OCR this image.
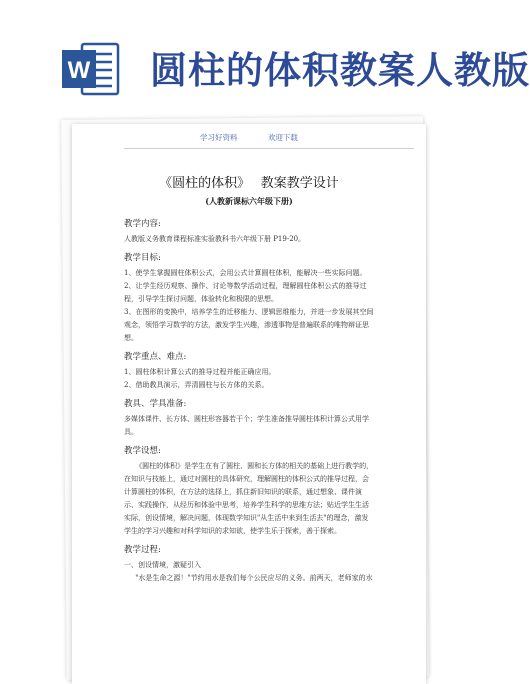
W 圆柱的体积教案人教版
学习好资料	欢迎下载
《圆柱的体积》　 教案教学设计
(人教新课标六年级下册)
教学内容:

人教版义务教育课程标准实验教科书六年级下册 P19-20。

教学目标:

1、使学生掌握圆柱体积公式，会用公式计算圆柱体积，能解决一些实际问题。

2、让学生经历观察、操作、讨论等数学活动过程，理解圆柱体积公式的推导过程，引导学生探讨问题，体验转化和极限的思想。

3、在图形的变换中，培养学生的迁移能力、逻辑思维能力，并进一步发展其空间观念，领悟学习数学的方法，激发学生兴趣，渗透事物是普遍联系的唯物辩证思想。

教学重点、难点:

1、圆柱体积计算公式的推导过程并能正确应用。

2、借助教具演示，弄清圆柱与长方体的关系。

教具、学具准备:

多媒体课件、长方体、圆柱形容器若干个；学生准备推导圆柱体积计算公式用学具。

教学设想:

《圆柱的体积》是学生在有了圆柱、圆和长方体的相关的基础上进行教学的，在知识与技能上，通过对圆柱的具体研究，理解圆柱的体积公式的推导过程，会计算圆柱的体积，在方法的选择上，抓住新旧知识的联系，通过想象、课件演示、实践操作，从经历和体验中思考，培养学生科学的思维方法；贴近学生生活实际，创设情境，解决问题，体现数学知识"从生活中来到生活去"的理念，激发学生的学习兴趣和对科学知识的求知欲，使学生乐于探索，善于探索。

教学过程:

一、创设情境，激疑引入

"水是生命之源！"节约用水是我们每个公民应尽的义务。前两天，老师家的水
